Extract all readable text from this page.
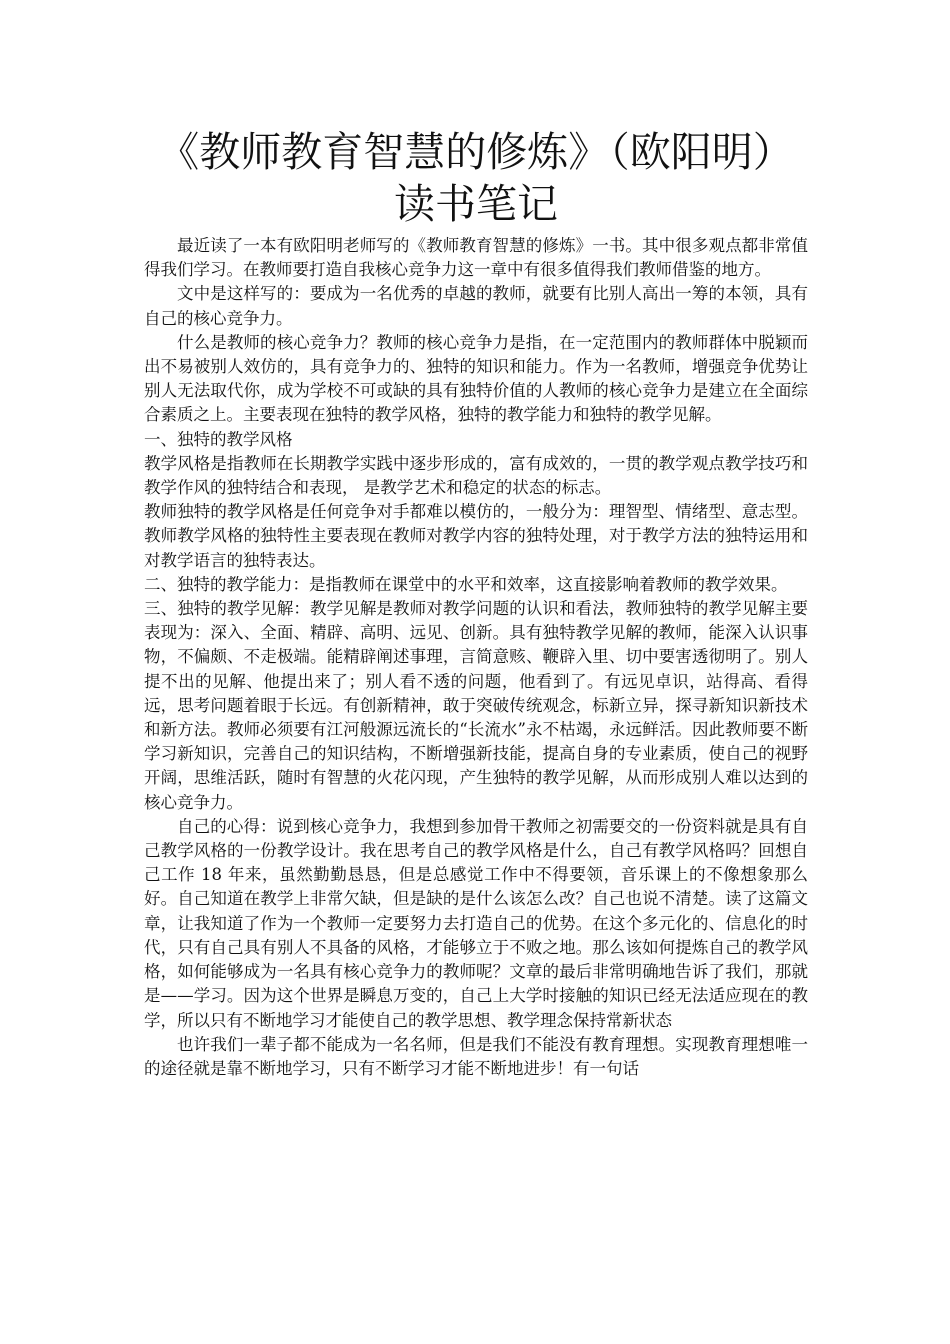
《教师教育智慧的修炼》（欧阳明）读书笔记

最近读了一本有欧阳明老师写的《教师教育智慧的修炼》一书。其中很多观点都非常值得我们学习。在教师要打造自我核心竞争力这一章中有很多值得我们教师借鉴的地方。

文中是这样写的：要成为一名优秀的卓越的教师，就要有比别人高出一筹的本领，具有自己的核心竞争力。

什么是教师的核心竞争力？教师的核心竞争力是指，在一定范围内的教师群体中脱颖而出不易被别人效仿的，具有竞争力的、独特的知识和能力。作为一名教师，增强竞争优势让别人无法取代你，成为学校不可或缺的具有独特价值的人教师的核心竞争力是建立在全面综合素质之上。主要表现在独特的教学风格，独特的教学能力和独特的教学见解。

一、独特的教学风格

教学风格是指教师在长期教学实践中逐步形成的，富有成效的，一贯的教学观点教学技巧和教学作风的独特结合和表现， 是教学艺术和稳定的状态的标志。

教师独特的教学风格是任何竞争对手都难以模仿的，一般分为：理智型、情绪型、意志型。教师教学风格的独特性主要表现在教师对教学内容的独特处理，对于教学方法的独特运用和对教学语言的独特表达。

二、独特的教学能力：是指教师在课堂中的水平和效率，这直接影响着教师的教学效果。

三、独特的教学见解：教学见解是教师对教学问题的认识和看法，教师独特的教学见解主要表现为：深入、全面、精辟、高明、远见、创新。具有独特教学见解的教师，能深入认识事物，不偏颇、不走极端。能精辟阐述事理，言简意赅、鞭辟入里、切中要害透彻明了。别人提不出的见解、他提出来了；别人看不透的问题，他看到了。有远见卓识，站得高、看得远，思考问题着眼于长远。有创新精神，敢于突破传统观念，标新立异，探寻新知识新技术和新方法。教师必须要有江河般源远流长的“长流水”永不枯竭，永远鲜活。因此教师要不断学习新知识，完善自己的知识结构，不断增强新技能，提高自身的专业素质，使自己的视野开阔，思维活跃，随时有智慧的火花闪现，产生独特的教学见解，从而形成别人难以达到的核心竞争力。

自己的心得：说到核心竞争力，我想到参加骨干教师之初需要交的一份资料就是具有自己教学风格的一份教学设计。我在思考自己的教学风格是什么，自己有教学风格吗？回想自己工作 18 年来，虽然勤勤恳恳，但是总感觉工作中不得要领，音乐课上的不像想象那么好。自己知道在教学上非常欠缺，但是缺的是什么该怎么改？自己也说不清楚。读了这篇文章，让我知道了作为一个教师一定要努力去打造自己的优势。在这个多元化的、信息化的时代，只有自己具有别人不具备的风格，才能够立于不败之地。那么该如何提炼自己的教学风格，如何能够成为一名具有核心竞争力的教师呢？文章的最后非常明确地告诉了我们，那就是——学习。因为这个世界是瞬息万变的，自己上大学时接触的知识已经无法适应现在的教学，所以只有不断地学习才能使自己的教学思想、教学理念保持常新状态

也许我们一辈子都不能成为一名名师，但是我们不能没有教育理想。实现教育理想唯一的途径就是靠不断地学习，只有不断学习才能不断地进步！有一句话
